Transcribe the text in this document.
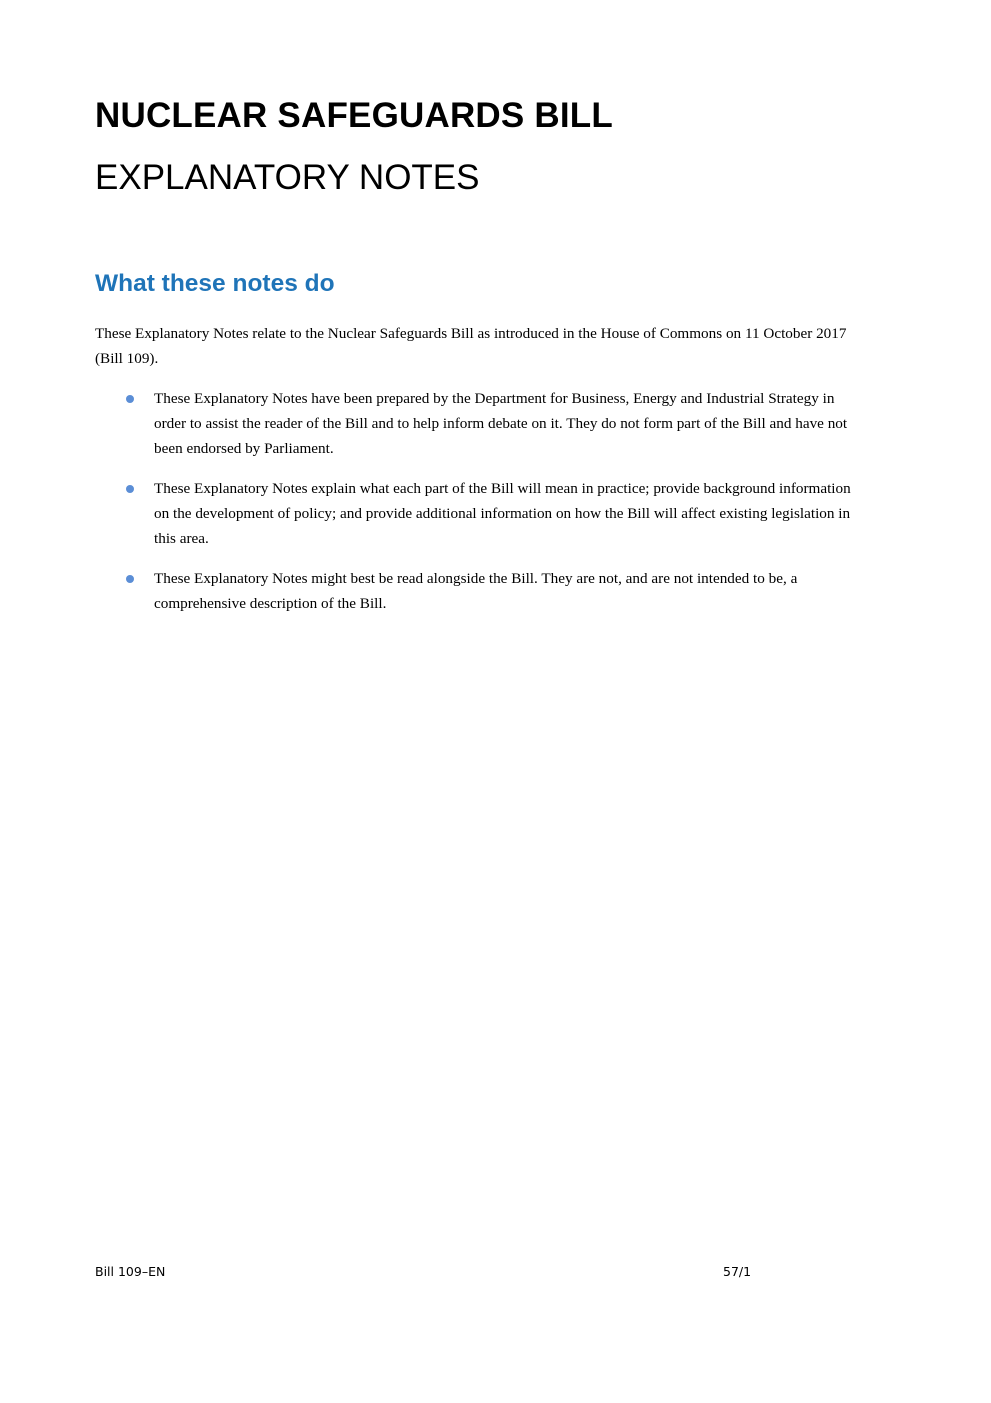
NUCLEAR SAFEGUARDS BILL
EXPLANATORY NOTES
What these notes do

These Explanatory Notes relate to the Nuclear Safeguards Bill as introduced in the House of Commons on 11 October 2017 (Bill 109).

These Explanatory Notes have been prepared by the Department for Business, Energy and Industrial Strategy in order to assist the reader of the Bill and to help inform debate on it. They do not form part of the Bill and have not been endorsed by Parliament.
These Explanatory Notes explain what each part of the Bill will mean in practice; provide background information on the development of policy; and provide additional information on how the Bill will affect existing legislation in this area.
These Explanatory Notes might best be read alongside the Bill. They are not, and are not intended to be, a comprehensive description of the Bill.
Bill 109–EN	57/1
